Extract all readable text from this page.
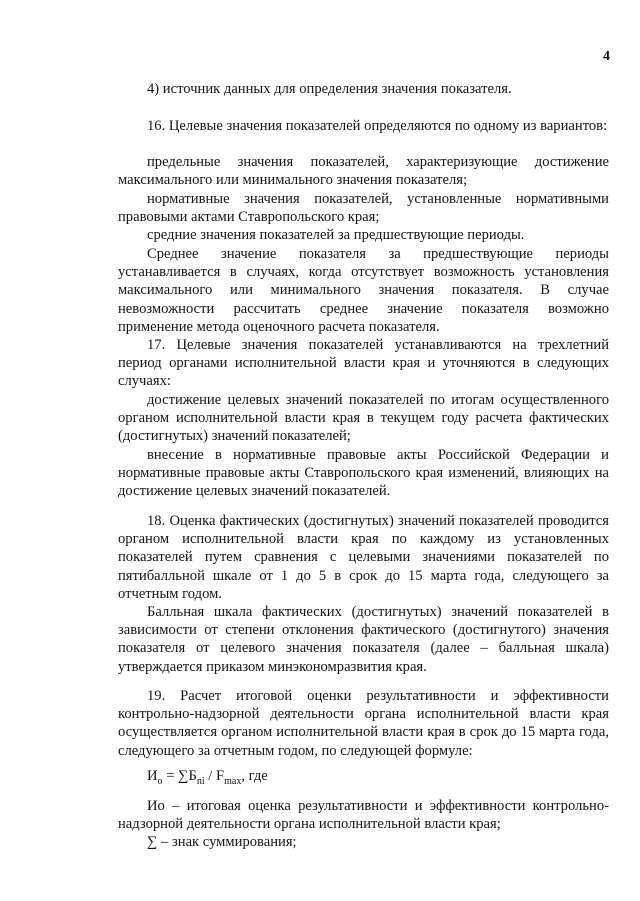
4

4) источник данных для определения значения показателя.

16. Целевые значения показателей определяются по одному из вариантов:

предельные значения показателей, характеризующие достижение максимального или минимального значения показателя;

нормативные значения показателей, установленные нормативными правовыми актами Ставропольского края;

средние значения показателей за предшествующие периоды.

Среднее значение показателя за предшествующие периоды устанавливается в случаях, когда отсутствует возможность установления максимального или минимального значения показателя. В случае невозможности рассчитать среднее значение показателя возможно применение метода оценочного расчета показателя.

17. Целевые значения показателей устанавливаются на трехлетний период органами исполнительной власти края и уточняются в следующих случаях:

достижение целевых значений показателей по итогам осуществленного органом исполнительной власти края в текущем году расчета фактических (достигнутых) значений показателей;

внесение в нормативные правовые акты Российской Федерации и нормативные правовые акты Ставропольского края изменений, влияющих на достижение целевых значений показателей.

18. Оценка фактических (достигнутых) значений показателей проводится органом исполнительной власти края по каждому из установленных показателей путем сравнения с целевыми значениями показателей по пятибалльной шкале от 1 до 5 в срок до 15 марта года, следующего за отчетным годом.

Балльная шкала фактических (достигнутых) значений показателей в зависимости от степени отклонения фактического (достигнутого) значения показателя от целевого значения показателя (далее – балльная шкала) утверждается приказом минэкономразвития края.

19. Расчет итоговой оценки результативности и эффективности контрольно-надзорной деятельности органа исполнительной власти края осуществляется органом исполнительной власти края в срок до 15 марта года, следующего за отчетным годом, по следующей формуле:

$И_о = \sum Б_{ni} / F_{max}$, где

Ио – итоговая оценка результативности и эффективности контрольно-надзорной деятельности органа исполнительной власти края;

∑ – знак суммирования;
